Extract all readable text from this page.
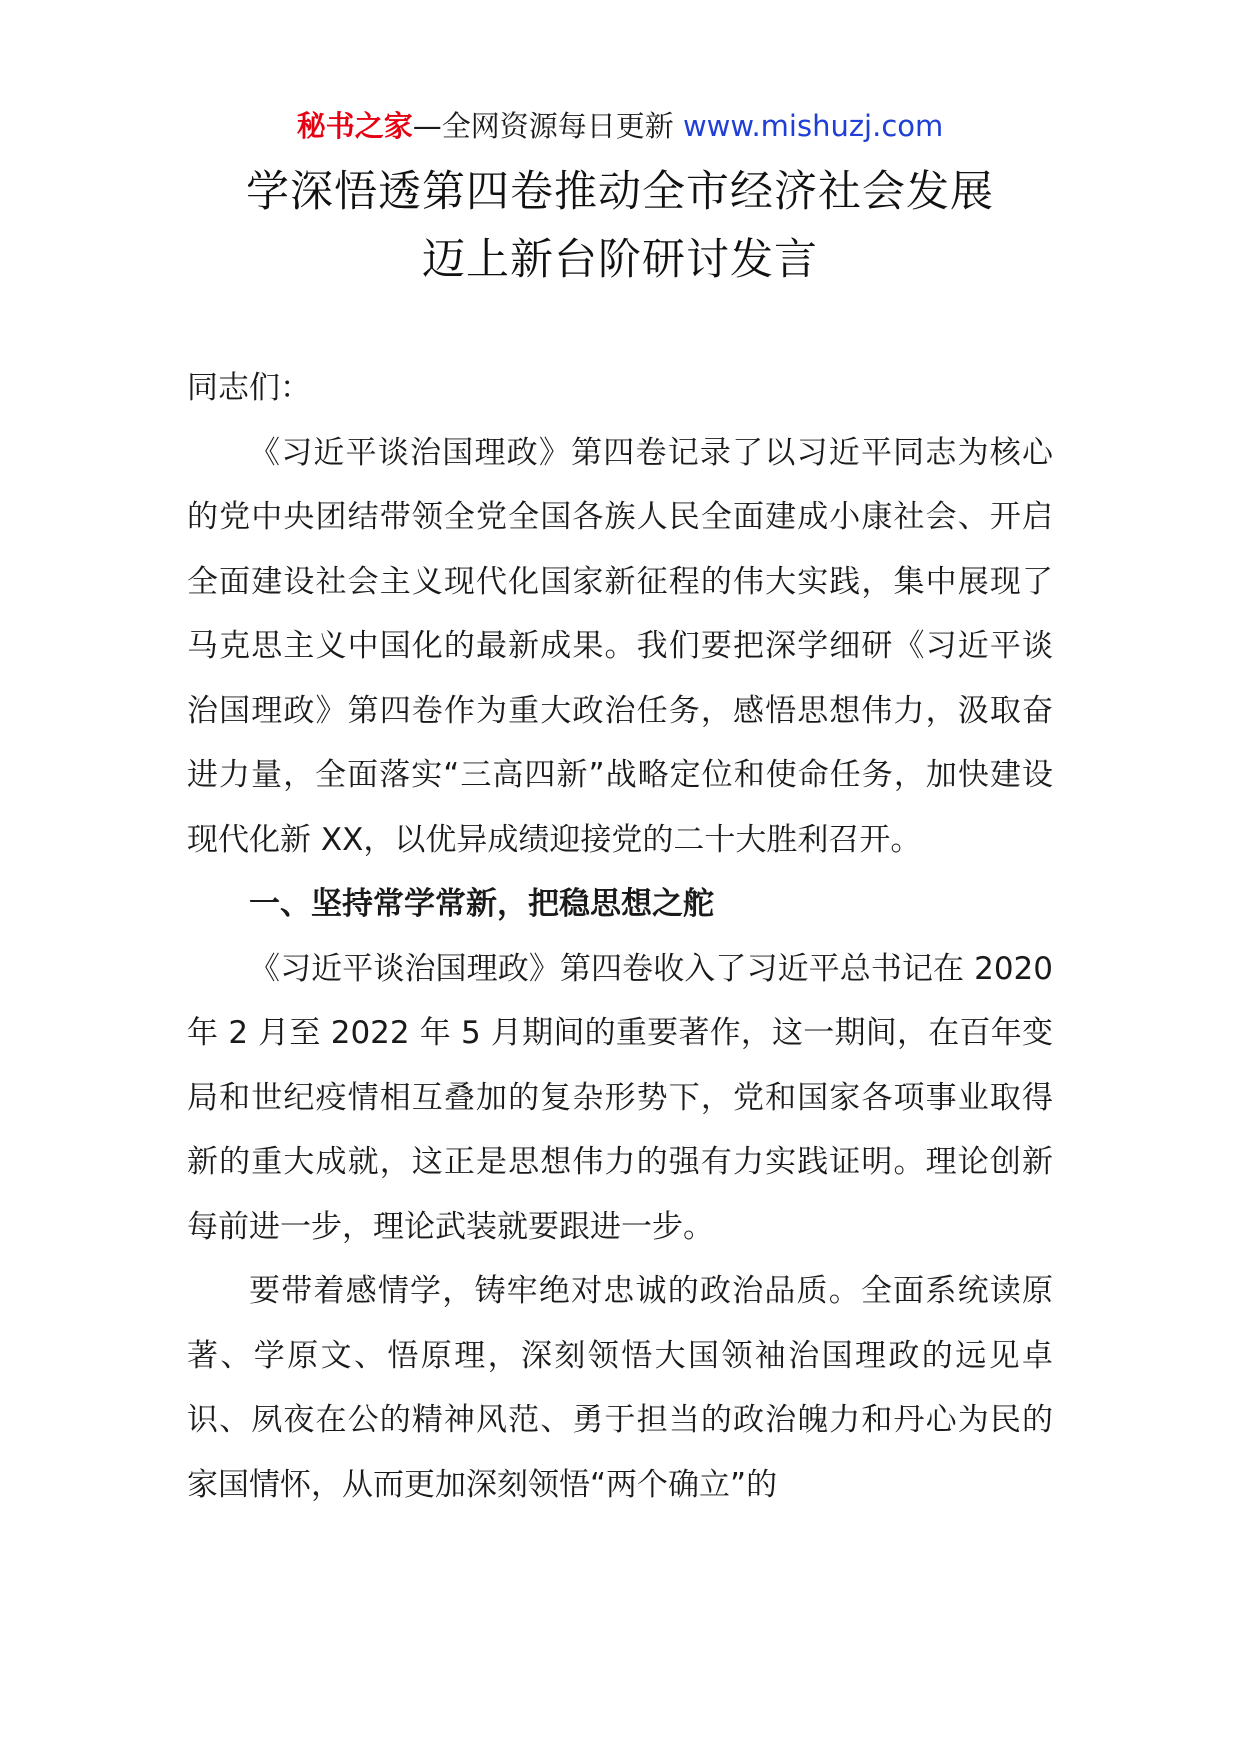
秘书之家—全网资源每日更新 www.mishuzj.com
学深悟透第四卷推动全市经济社会发展
迈上新台阶研讨发言

同志们：

《习近平谈治国理政》第四卷记录了以习近平同志为核心的党中央团结带领全党全国各族人民全面建成小康社会、开启全面建设社会主义现代化国家新征程的伟大实践，集中展现了马克思主义中国化的最新成果。我们要把深学细研《习近平谈治国理政》第四卷作为重大政治任务，感悟思想伟力，汲取奋进力量，全面落实“三高四新”战略定位和使命任务，加快建设现代化新 XX，以优异成绩迎接党的二十大胜利召开。

一、坚持常学常新，把稳思想之舵

《习近平谈治国理政》第四卷收入了习近平总书记在 2020 年 2 月至 2022 年 5 月期间的重要著作，这一期间，在百年变局和世纪疫情相互叠加的复杂形势下，党和国家各项事业取得新的重大成就，这正是思想伟力的强有力实践证明。理论创新每前进一步，理论武装就要跟进一步。

要带着感情学，铸牢绝对忠诚的政治品质。全面系统读原著、学原文、悟原理，深刻领悟大国领袖治国理政的远见卓识、夙夜在公的精神风范、勇于担当的政治魄力和丹心为民的家国情怀，从而更加深刻领悟“两个确立”的
